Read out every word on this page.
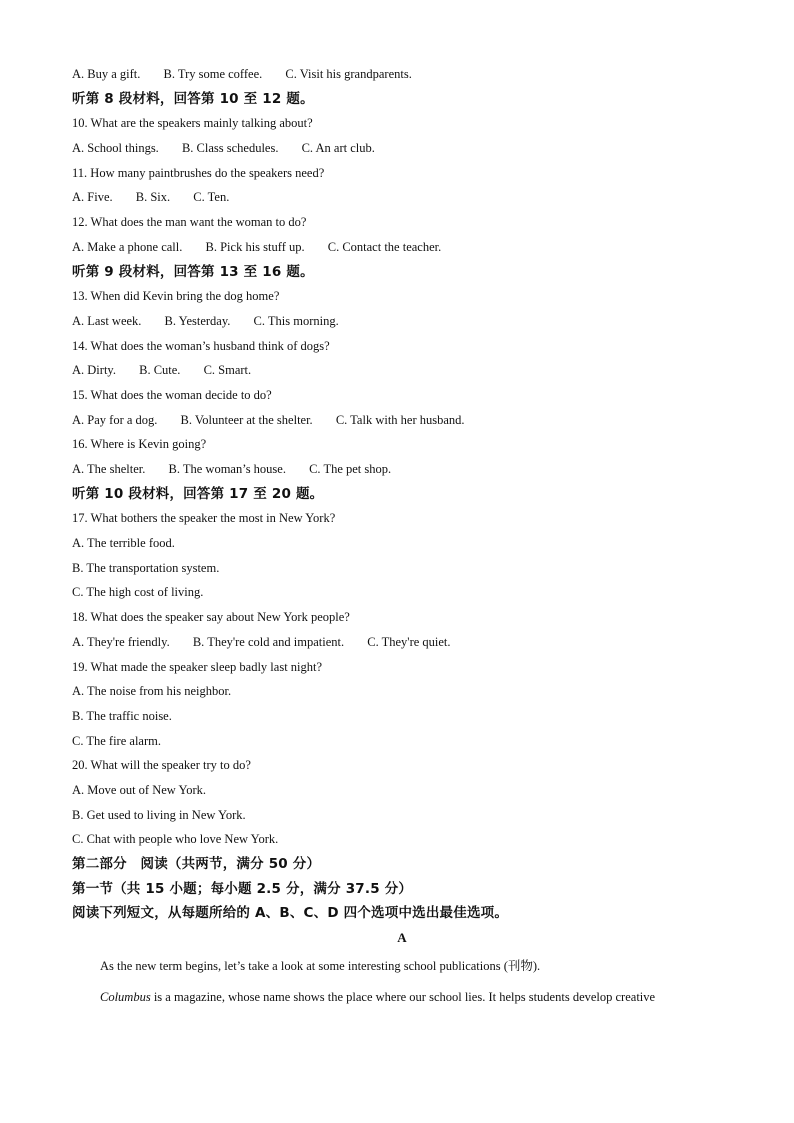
A. Buy a gift. B. Try some coffee. C. Visit his grandparents.
听第 8 段材料，回答第 10 至 12 题。
10. What are the speakers mainly talking about?
A. School things. B. Class schedules. C. An art club.
11. How many paintbrushes do the speakers need?
A. Five. B. Six. C. Ten.
12. What does the man want the woman to do?
A. Make a phone call. B. Pick his stuff up. C. Contact the teacher.
听第 9 段材料，回答第 13 至 16 题。
13. When did Kevin bring the dog home?
A. Last week. B. Yesterday. C. This morning.
14. What does the woman’s husband think of dogs?
A. Dirty. B. Cute. C. Smart.
15. What does the woman decide to do?
A. Pay for a dog. B. Volunteer at the shelter. C. Talk with her husband.
16. Where is Kevin going?
A. The shelter. B. The woman’s house. C. The pet shop.
听第 10 段材料，回答第 17 至 20 题。
17. What bothers the speaker the most in New York?
A. The terrible food.
B. The transportation system.
C. The high cost of living.
18. What does the speaker say about New York people?
A. They're friendly. B. They're cold and impatient. C. They're quiet.
19. What made the speaker sleep badly last night?
A. The noise from his neighbor.
B. The traffic noise.
C. The fire alarm.
20. What will the speaker try to do?
A. Move out of New York.
B. Get used to living in New York.
C. Chat with people who love New York.
第二部分　阅读（共两节，满分 50 分）
第一节（共 15 小题；每小题 2.5 分，满分 37.5 分）
阅读下列短文，从每题所给的 A、B、C、D 四个选项中选出最佳选项。
A
As the new term begins, let’s take a look at some interesting school publications (刊物).
Columbus is a magazine, whose name shows the place where our school lies. It helps students develop creative
